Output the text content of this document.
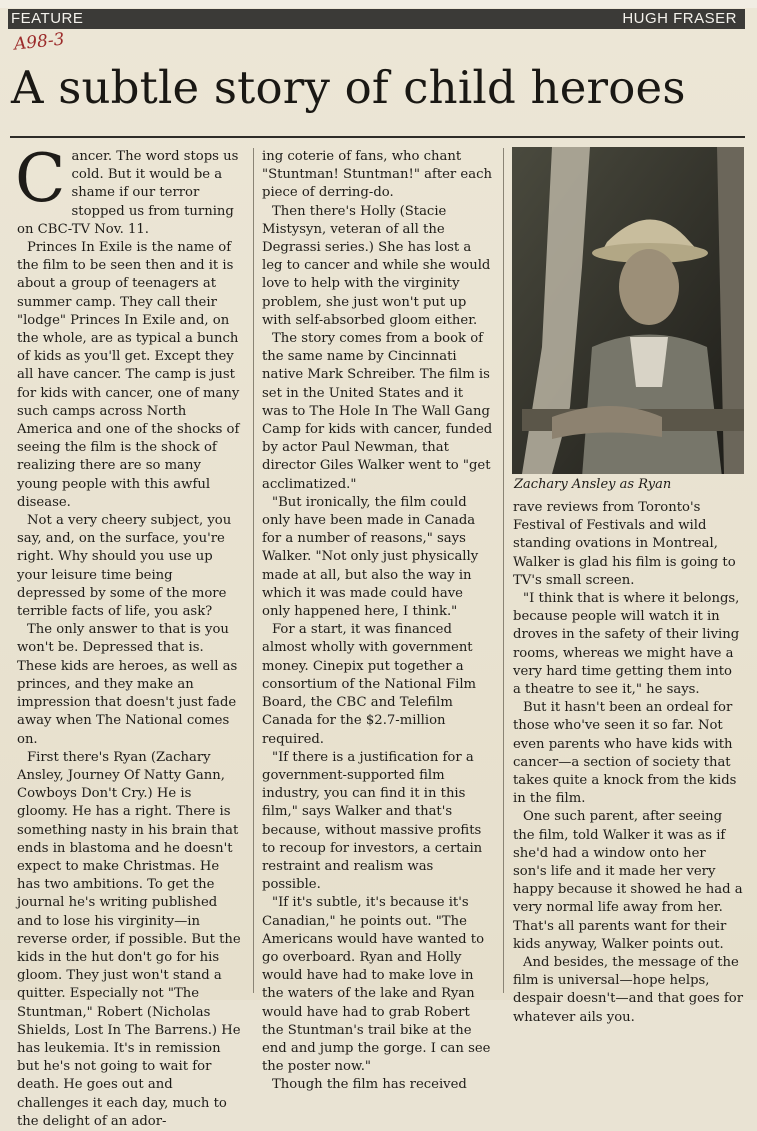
FEATURE	HUGH FRASER
A98-3
A subtle story of child heroes

Cancer. The word stops us cold. But it would be a shame if our terror stopped us from turning on CBC-TV Nov. 11.

Princes In Exile is the name of the film to be seen then and it is about a group of teenagers at summer camp. They call their "lodge" Princes In Exile and, on the whole, are as typical a bunch of kids as you'll get. Except they all have cancer. The camp is just for kids with cancer, one of many such camps across North America and one of the shocks of seeing the film is the shock of realizing there are so many young people with this awful disease.

Not a very cheery subject, you say, and, on the surface, you're right. Why should you use up your leisure time being depressed by some of the more terrible facts of life, you ask?

The only answer to that is you won't be. Depressed that is. These kids are heroes, as well as princes, and they make an impression that doesn't just fade away when The National comes on.

First there's Ryan (Zachary Ansley, Journey Of Natty Gann, Cowboys Don't Cry.) He is gloomy. He has a right. There is something nasty in his brain that ends in blastoma and he doesn't expect to make Christmas. He has two ambitions. To get the journal he's writing published and to lose his virginity—in reverse order, if possible. But the kids in the hut don't go for his gloom. They just won't stand a quitter. Especially not "The Stuntman," Robert (Nicholas Shields, Lost In The Barrens.) He has leukemia. It's in remission but he's not going to wait for death. He goes out and challenges it each day, much to the delight of an ador-

ing coterie of fans, who chant "Stuntman! Stuntman!" after each piece of derring-do.

Then there's Holly (Stacie Mistysyn, veteran of all the Degrassi series.) She has lost a leg to cancer and while she would love to help with the virginity problem, she just won't put up with self-absorbed gloom either.

The story comes from a book of the same name by Cincinnati native Mark Schreiber. The film is set in the United States and it was to The Hole In The Wall Gang Camp for kids with cancer, funded by actor Paul Newman, that director Giles Walker went to "get acclimatized."

"But ironically, the film could only have been made in Canada for a number of reasons," says Walker. "Not only just physically made at all, but also the way in which it was made could have only happened here, I think."

For a start, it was financed almost wholly with government money. Cinepix put together a consortium of the National Film Board, the CBC and Telefilm Canada for the $2.7-million required.

"If there is a justification for a government-supported film industry, you can find it in this film," says Walker and that's because, without massive profits to recoup for investors, a certain restraint and realism was possible.

"If it's subtle, it's because it's Canadian," he points out. "The Americans would have wanted to go overboard. Ryan and Holly would have had to make love in the waters of the lake and Ryan would have had to grab Robert the Stuntman's trail bike at the end and jump the gorge. I can see the poster now."

Though the film has received

Zachary Ansley as Ryan

rave reviews from Toronto's Festival of Festivals and wild standing ovations in Montreal, Walker is glad his film is going to TV's small screen.

"I think that is where it belongs, because people will watch it in droves in the safety of their living rooms, whereas we might have a very hard time getting them into a theatre to see it," he says.

But it hasn't been an ordeal for those who've seen it so far. Not even parents who have kids with cancer—a section of society that takes quite a knock from the kids in the film.

One such parent, after seeing the film, told Walker it was as if she'd had a window onto her son's life and it made her very happy because it showed he had a very normal life away from her. That's all parents want for their kids anyway, Walker points out.

And besides, the message of the film is universal—hope helps, despair doesn't—and that goes for whatever ails you.
